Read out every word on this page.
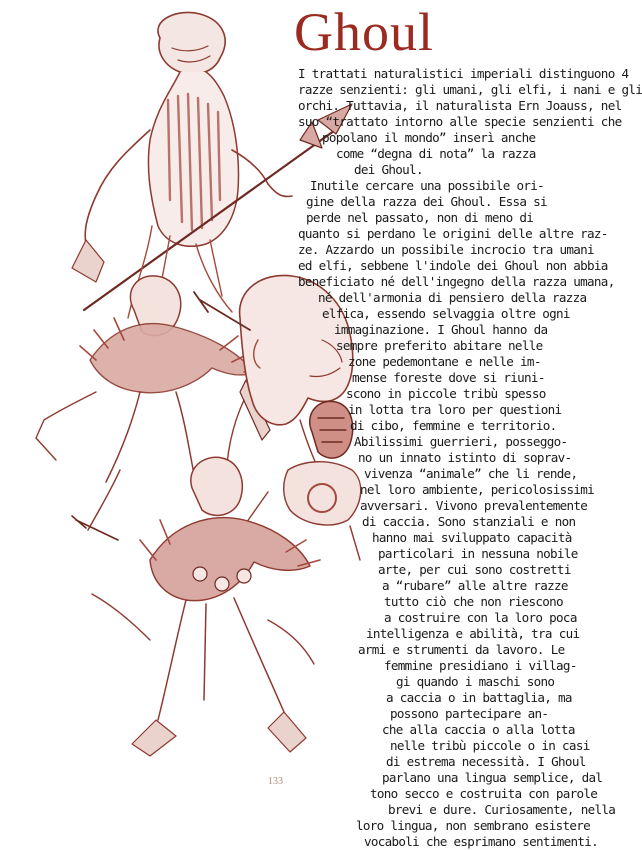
Ghoul
I trattati naturalistici imperiali distinguono 4
razze senzienti: gli umani, gli elfi, i nani e gli
orchi. Tuttavia, il naturalista Ern Joauss, nel
suo “trattato intorno alle specie senzienti che
popolano il mondo” inserì anche
come “degna di nota” la razza
dei Ghoul.
Inutile cercare una possibile ori-
gine della razza dei Ghoul. Essa si
perde nel passato, non di meno di
quanto si perdano le origini delle altre raz-
ze. Azzardo un possibile incrocio tra umani
ed elfi, sebbene l'indole dei Ghoul non abbia
beneficiato né dell'ingegno della razza umana,
né dell'armonia di pensiero della razza
elfica, essendo selvaggia oltre ogni
immaginazione. I Ghoul hanno da
sempre preferito abitare nelle
zone pedemontane e nelle im-
mense foreste dove si riuni-
scono in piccole tribù spesso
in lotta tra loro per questioni
di cibo, femmine e territorio.
Abilissimi guerrieri, posseggo-
no un innato istinto di soprav-
vivenza “animale” che li rende,
nel loro ambiente, pericolosissimi
avversari. Vivono prevalentemente
di caccia. Sono stanziali e non
hanno mai sviluppato capacità
particolari in nessuna nobile
arte, per cui sono costretti
a “rubare” alle altre razze
tutto ciò che non riescono
a costruire con la loro poca
intelligenza e abilità, tra cui
armi e strumenti da lavoro. Le
femmine presidiano i villag-
gi quando i maschi sono
a caccia o in battaglia, ma
possono partecipare an-
che alla caccia o alla lotta
nelle tribù piccole o in casi
di estrema necessità. I Ghoul
parlano una lingua semplice, dal
tono secco e costruita con parole
brevi e dure. Curiosamente, nella
loro lingua, non sembrano esistere
vocaboli che esprimano sentimenti.
133
